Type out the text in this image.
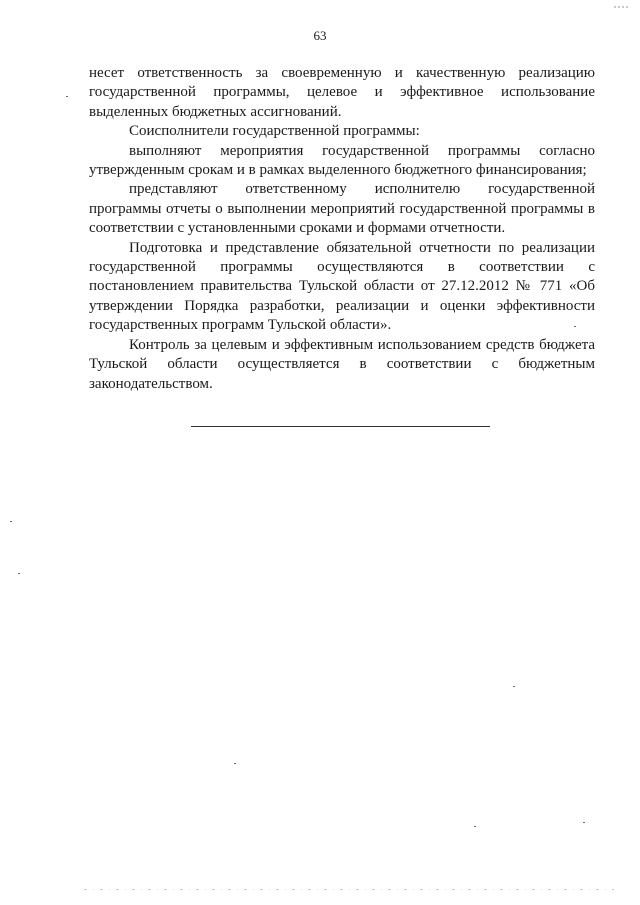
63

несет ответственность за своевременную и качественную реализацию государственной программы, целевое и эффективное использование выделенных бюджетных ассигнований.

Соисполнители государственной программы:

выполняют мероприятия государственной программы согласно утвержденным срокам и в рамках выделенного бюджетного финансирования;

представляют ответственному исполнителю государственной программы отчеты о выполнении мероприятий государственной программы в соответствии с установленными сроками и формами отчетности.

Подготовка и представление обязательной отчетности по реализации государственной программы осуществляются в соответствии с постановлением правительства Тульской области от 27.12.2012 № 771 «Об утверждении Порядка разработки, реализации и оценки эффективности государственных программ Тульской области».

Контроль за целевым и эффективным использованием средств бюджета Тульской области осуществляется в соответствии с бюджетным законодательством.
